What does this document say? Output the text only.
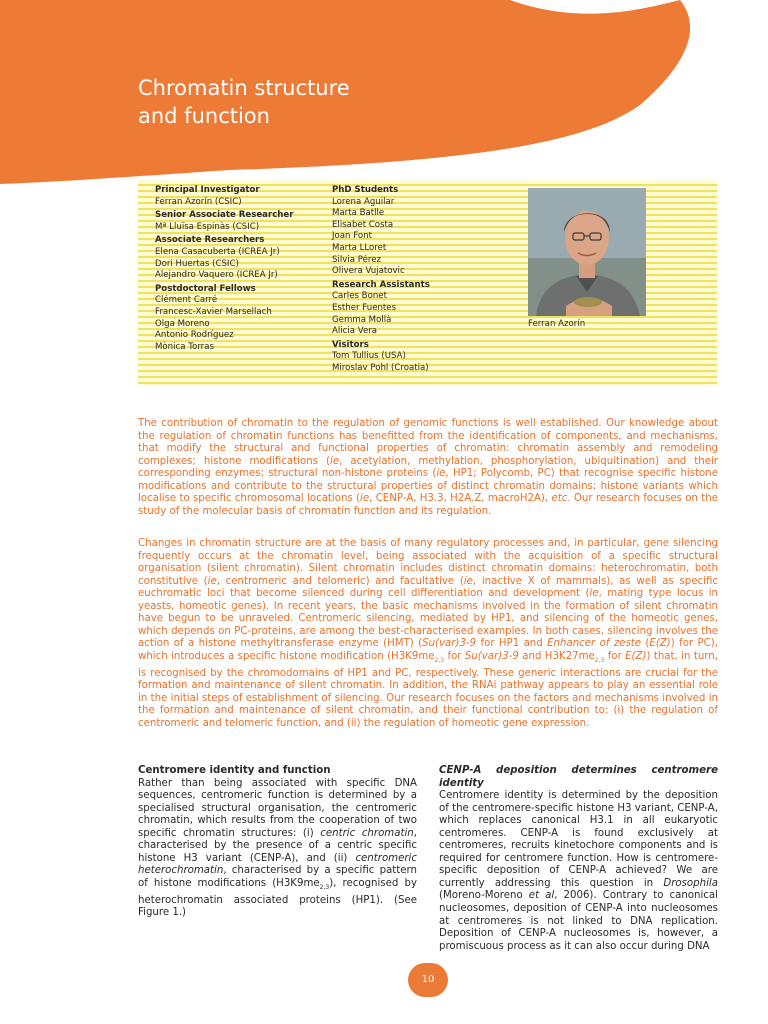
Chromatin structure
and function
Principal Investigator
Ferran Azorín (CSIC)
Senior Associate Researcher
Mª Lluïsa Espinàs (CSIC)
Associate Researchers
Elena Casacuberta (ICREA Jr)
Dori Huertas (CSIC)
Alejandro Vaquero (ICREA Jr)
Postdoctoral Fellows
Clément Carré
Francesc-Xavier Marsellach
Olga Moreno
Antonio Rodríguez
Mònica Torras
PhD Students
Lorena Aguilar
Marta Batlle
Elisabet Costa
Joan Font
Marta LLoret
Silvia Pérez
Olivera Vujatovic
Research Assistants
Carles Bonet
Esther Fuentes
Gemma Mollà
Alicia Vera
Visitors
Tom Tullius (USA)
Miroslav Pohl (Croatia)
Ferran Azorín

The contribution of chromatin to the regulation of genomic functions is well established. Our knowledge about the regulation of chromatin functions has benefitted from the identification of components, and mechanisms, that modify the structural and functional properties of chromatin: chromatin assembly and remodeling complexes; histone modifications (ie, acetylation, methylation, phosphorylation, ubiquitination) and their corresponding enzymes; structural non-histone proteins (ie, HP1; Polycomb, PC) that recognise specific histone modifications and contribute to the structural properties of distinct chromatin domains; histone variants which localise to specific chromosomal locations (ie, CENP-A, H3.3, H2A.Z, macroH2A), etc. Our research focuses on the study of the molecular basis of chromatin function and its regulation.

Changes in chromatin structure are at the basis of many regulatory processes and, in particular, gene silencing frequently occurs at the chromatin level, being associated with the acquisition of a specific structural organisation (silent chromatin). Silent chromatin includes distinct chromatin domains: heterochromatin, both constitutive (ie, centromeric and telomeric) and facultative (ie, inactive X of mammals), as well as specific euchromatic loci that become silenced during cell differentiation and development (ie, mating type locus in yeasts, homeotic genes). In recent years, the basic mechanisms involved in the formation of silent chromatin have begun to be unraveled. Centromeric silencing, mediated by HP1, and silencing of the homeotic genes, which depends on PC-proteins, are among the best-characterised examples. In both cases, silencing involves the action of a histone methyltransferase enzyme (HMT) (Su(var)3-9 for HP1 and Enhancer of zeste (E(Z)) for PC), which introduces a specific histone modification ($H3K9me_{2,3}$ for Su(var)3-9 and $H3K27me_{2,3}$ for E(Z)) that, in turn, is recognised by the chromodomains of HP1 and PC, respectively. These generic interactions are crucial for the formation and maintenance of silent chromatin. In addition, the RNAi pathway appears to play an essential role in the initial steps of establishment of silencing. Our research focuses on the factors and mechanisms involved in the formation and maintenance of silent chromatin, and their functional contribution to: (i) the regulation of centromeric and telomeric function, and (ii) the regulation of homeotic gene expression.

Centromere identity and function

Rather than being associated with specific DNA sequences, centromeric function is determined by a specialised structural organisation, the centromeric chromatin, which results from the cooperation of two specific chromatin structures: (i) centric chromatin, characterised by the presence of a centric specific histone H3 variant (CENP-A), and (ii) centromeric heterochromatin, characterised by a specific pattern of histone modifications $(H3K9me_{2,3})$, recognised by heterochromatin associated proteins (HP1). (See Figure 1.)

CENP-A deposition determines centromere identity

Centromere identity is determined by the deposition of the centromere-specific histone H3 variant, CENP-A, which replaces canonical H3.1 in all eukaryotic centromeres. CENP-A is found exclusively at centromeres, recruits kinetochore components and is required for centromere function. How is centromere-specific deposition of CENP-A achieved? We are currently addressing this question in Drosophila (Moreno-Moreno et al, 2006). Contrary to canonical nucleosomes, deposition of CENP-A into nucleosomes at centromeres is not linked to DNA replication. Deposition of CENP-A nucleosomes is, however, a promiscuous process as it can also occur during DNA

10
